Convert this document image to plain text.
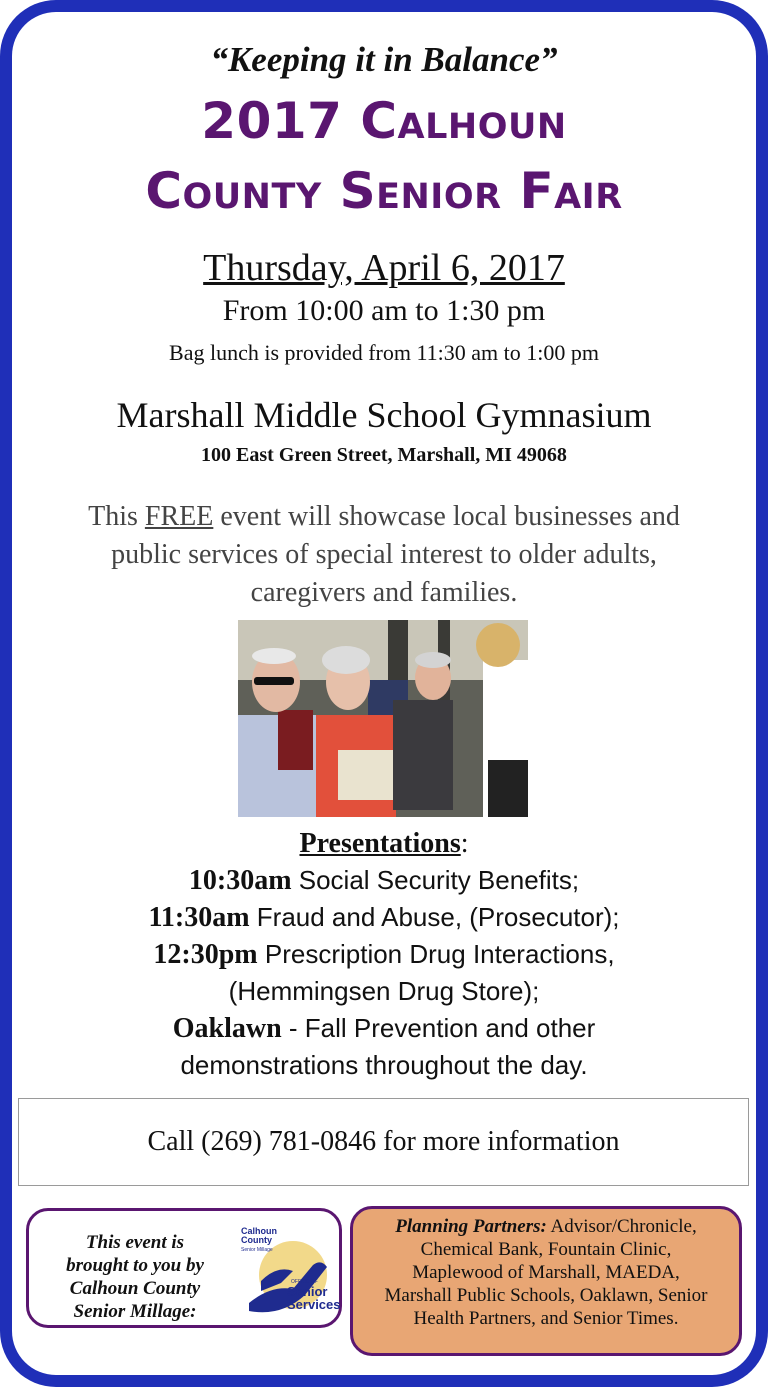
“Keeping it in Balance”
2017 Calhoun
County Senior Fair
Thursday, April 6, 2017
From 10:00 am to 1:30 pm
Bag lunch is provided from 11:30 am to 1:00 pm
Marshall Middle School Gymnasium
100 East Green Street, Marshall, MI 49068
This FREE event will showcase local businesses and public services of special interest to older adults, caregivers and families.
Presentations:
10:30am Social Security Benefits;
11:30am Fraud and Abuse, (Prosecutor);
12:30pm Prescription Drug Interactions,
(Hemmingsen Drug Store);
Oaklawn - Fall Prevention and other
demonstrations throughout the day.
Call (269) 781-0846 for more information
This event is
brought to you by
Calhoun County
Senior Millage:
Calhoun County
Senior Millage
OFFICE OF
Senior
Services
Planning Partners: Advisor/Chronicle,
Chemical Bank, Fountain Clinic,
Maplewood of Marshall, MAEDA,
Marshall Public Schools, Oaklawn, Senior
Health Partners, and Senior Times.
